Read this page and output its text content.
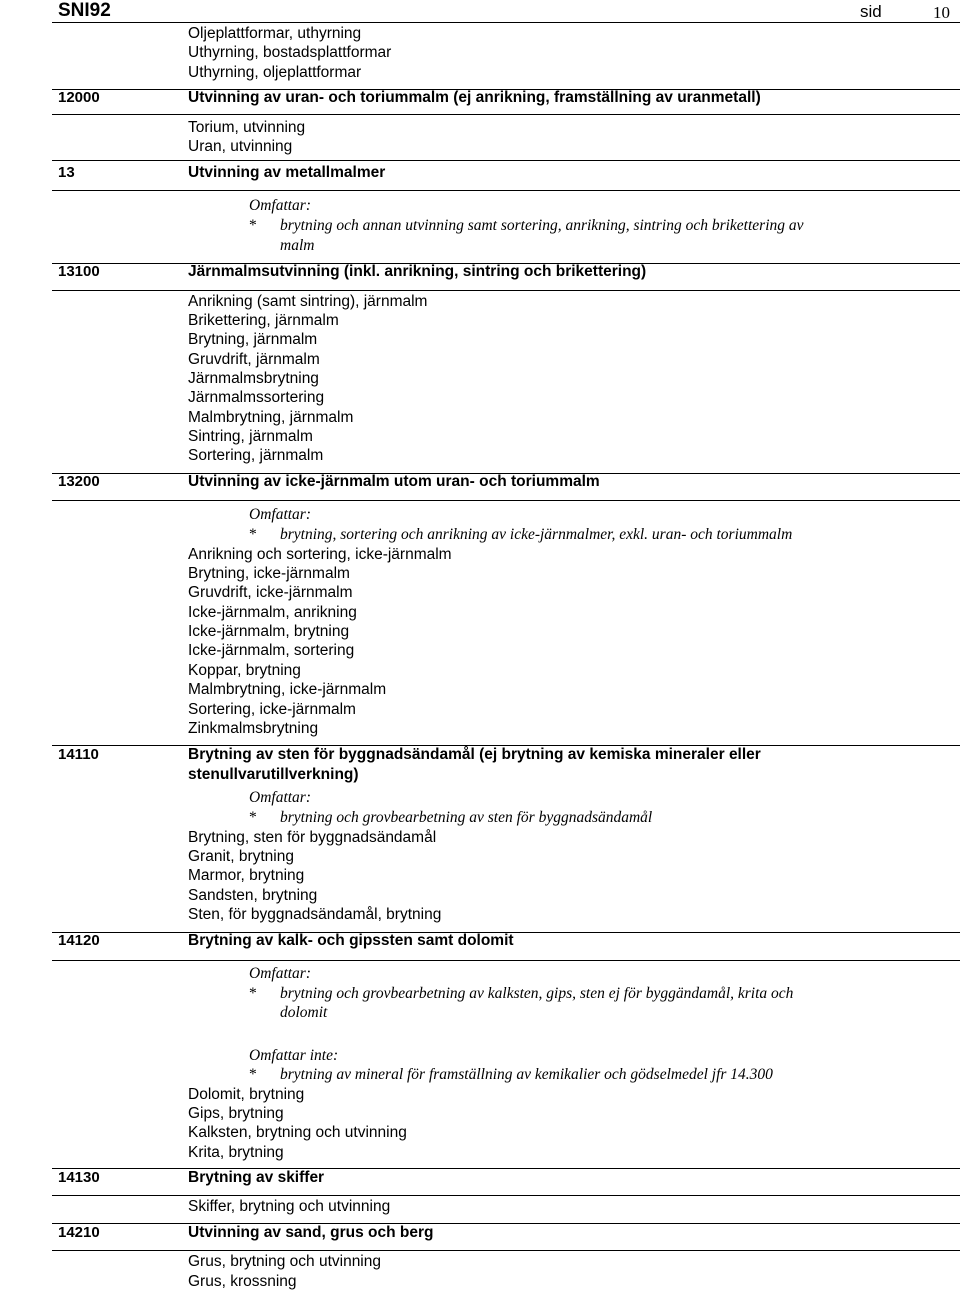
SNI92	sid	10
Oljeplattformar, uthyrning
Uthyrning, bostadsplattformar
Uthyrning, oljeplattformar
12000	Utvinning av uran- och toriummalm (ej anrikning, framställning av uranmetall)
Torium, utvinning
Uran, utvinning
13	Utvinning av metallmalmer
Omfattar:
* brytning och annan utvinning samt sortering, anrikning, sintring och brikettering av
malm
13100	Järnmalmsutvinning (inkl. anrikning, sintring och brikettering)
Anrikning (samt sintring), järnmalm
Brikettering, järnmalm
Brytning, järnmalm
Gruvdrift, järnmalm
Järnmalmsbrytning
Järnmalmssortering
Malmbrytning, järnmalm
Sintring, järnmalm
Sortering, järnmalm
13200	Utvinning av icke-järnmalm utom uran- och toriummalm
Omfattar:
* brytning, sortering och anrikning av icke-järnmalmer, exkl. uran- och toriummalm
Anrikning och sortering, icke-järnmalm
Brytning, icke-järnmalm
Gruvdrift, icke-järnmalm
Icke-järnmalm, anrikning
Icke-järnmalm, brytning
Icke-järnmalm, sortering
Koppar, brytning
Malmbrytning, icke-järnmalm
Sortering, icke-järnmalm
Zinkmalmsbrytning
14110	Brytning av sten för byggnadsändamål (ej brytning av kemiska mineraler eller
stenullvarutillverkning)
Omfattar:
* brytning och grovbearbetning av sten för byggnadsändamål
Brytning, sten för byggnadsändamål
Granit, brytning
Marmor, brytning
Sandsten, brytning
Sten, för byggnadsändamål, brytning
14120	Brytning av kalk- och gipssten samt dolomit
Omfattar:
* brytning och grovbearbetning av kalksten, gips, sten ej för byggändamål, krita och
dolomit
Omfattar inte:
* brytning av mineral för framställning av kemikalier och gödselmedel jfr 14.300
Dolomit, brytning
Gips, brytning
Kalksten, brytning och utvinning
Krita, brytning
14130	Brytning av skiffer
Skiffer, brytning och utvinning
14210	Utvinning av sand, grus och berg
Grus, brytning och utvinning
Grus, krossning
